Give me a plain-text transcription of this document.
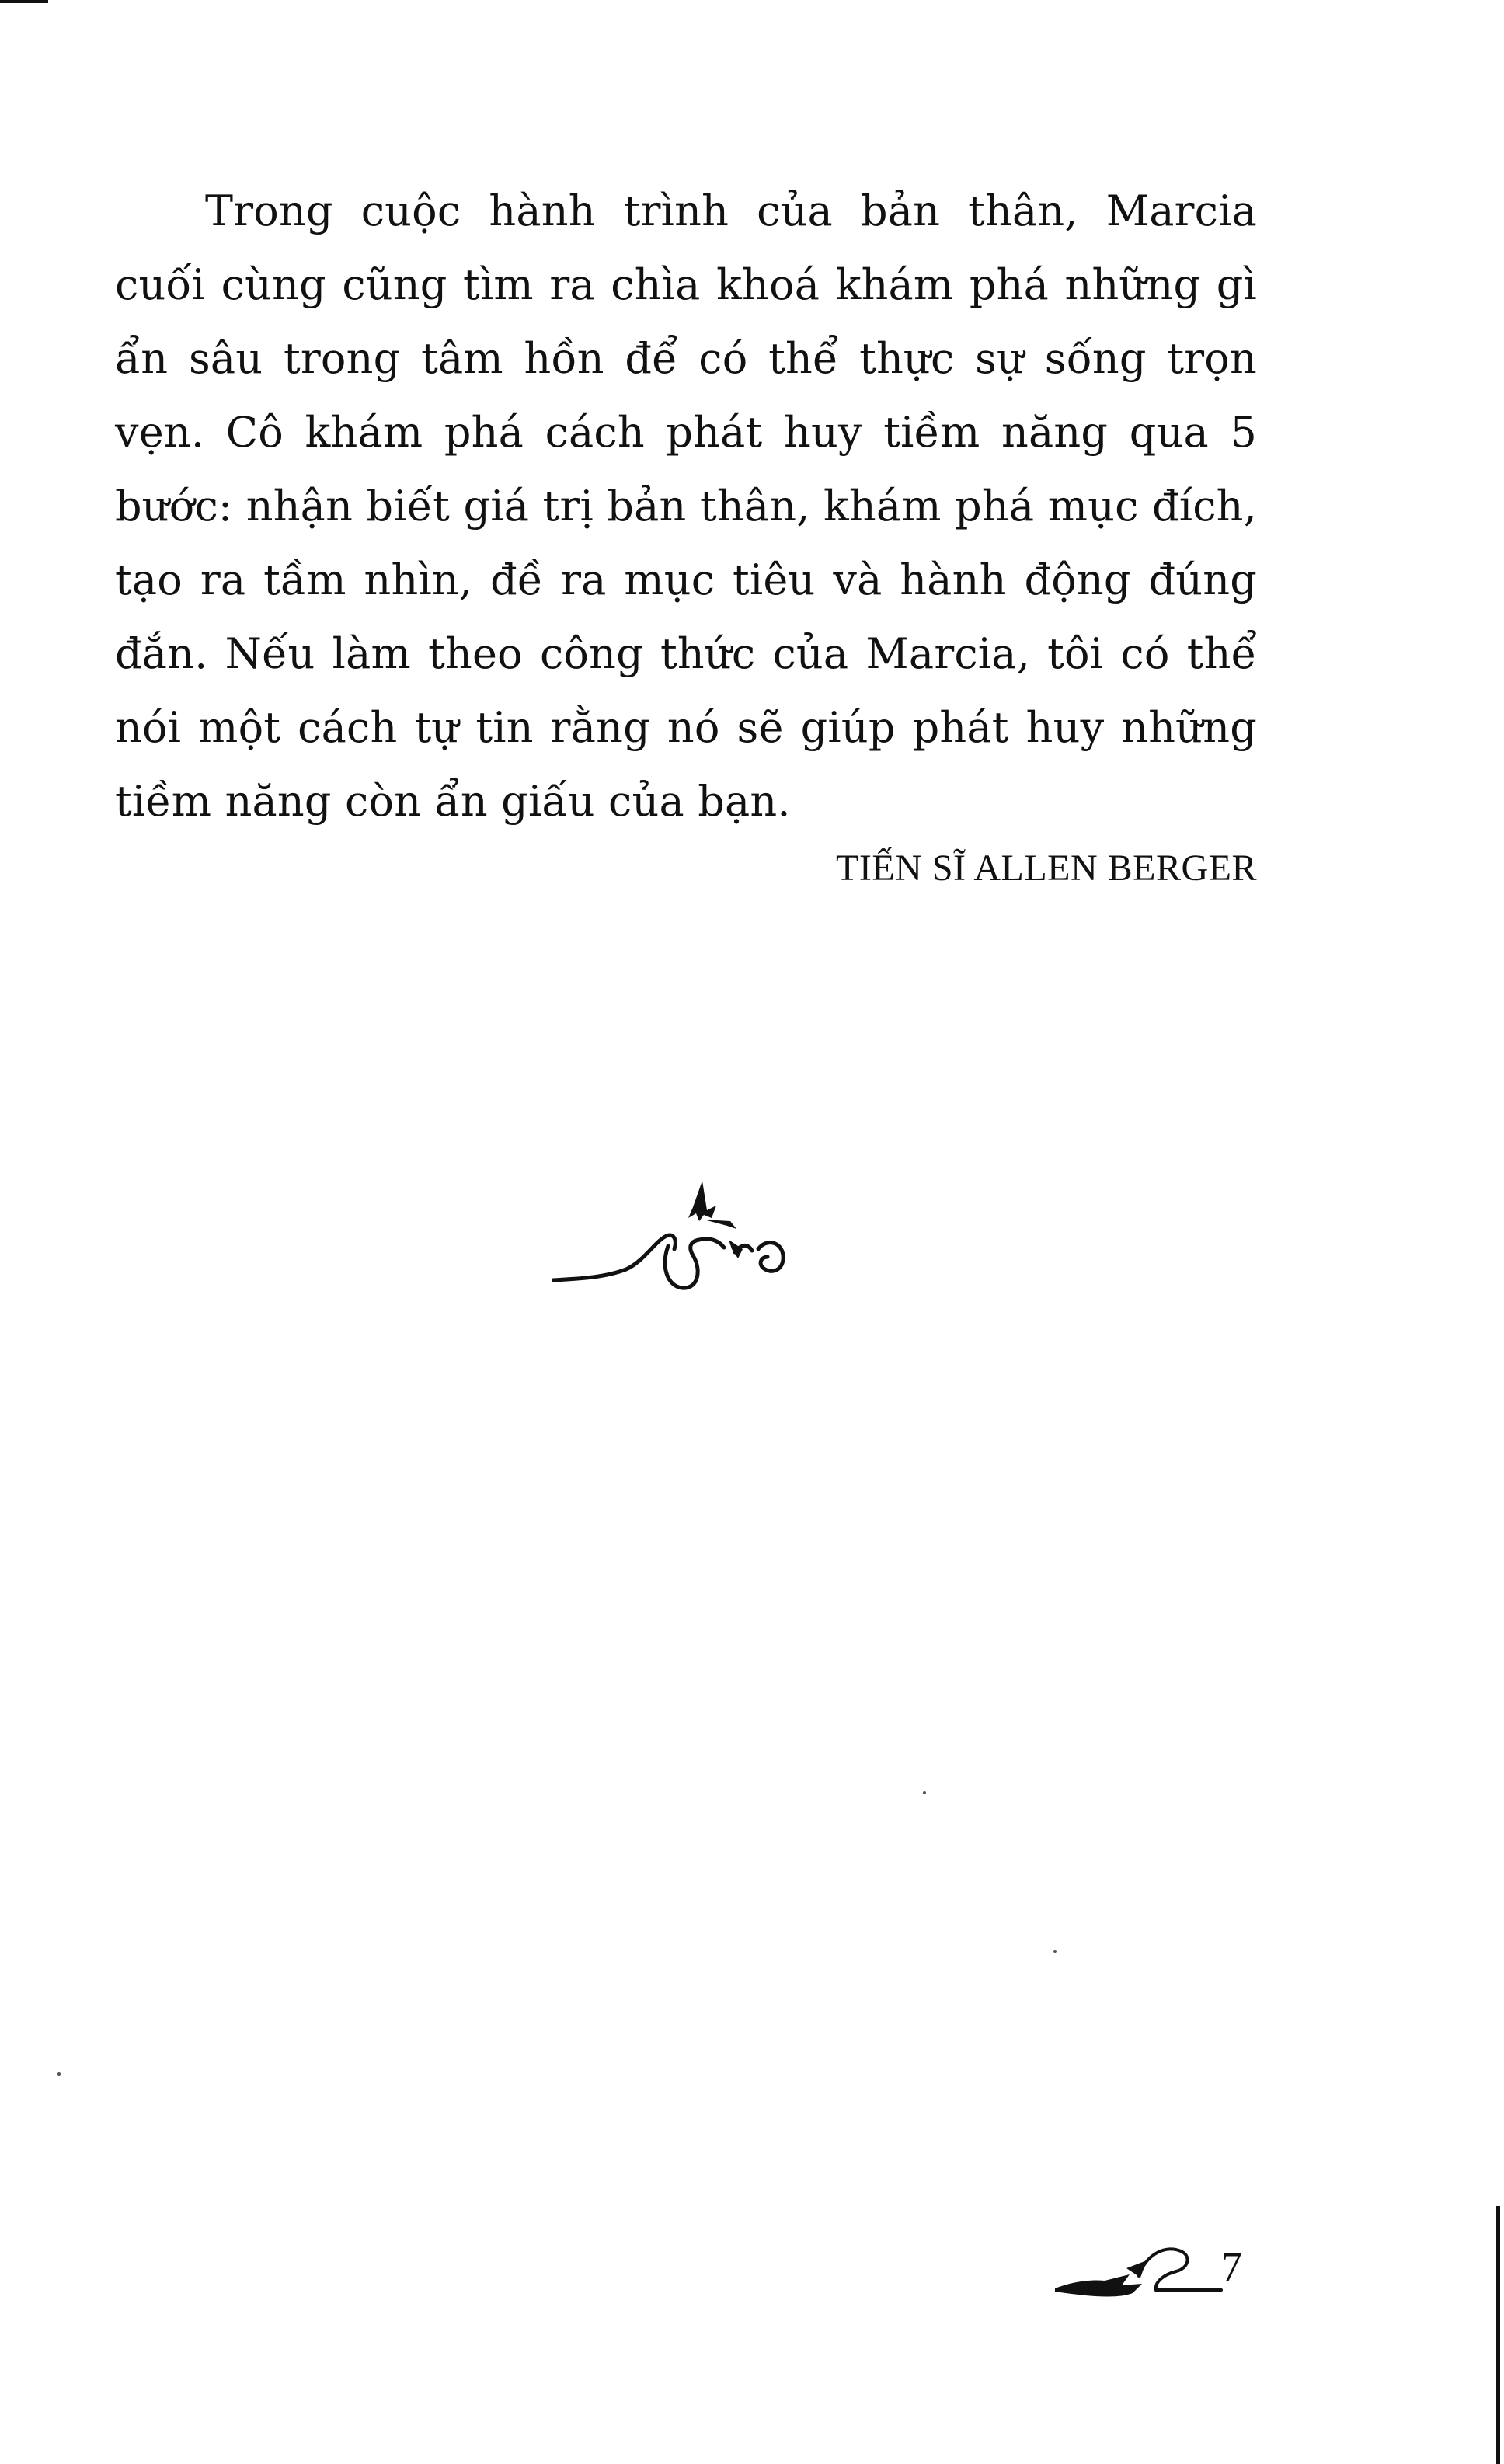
Trong cuộc hành trình của bản thân, Marcia cuối cùng cũng tìm ra chìa khoá khám phá những gì ẩn sâu trong tâm hồn để có thể thực sự sống trọn vẹn. Cô khám phá cách phát huy tiềm năng qua 5 bước: nhận biết giá trị bản thân, khám phá mục đích, tạo ra tầm nhìn, đề ra mục tiêu và hành động đúng đắn. Nếu làm theo công thức của Marcia, tôi có thể nói một cách tự tin rằng nó sẽ giúp phát huy những tiềm năng còn ẩn giấu của bạn.

TIẾN SĨ ALLEN BERGER
7
